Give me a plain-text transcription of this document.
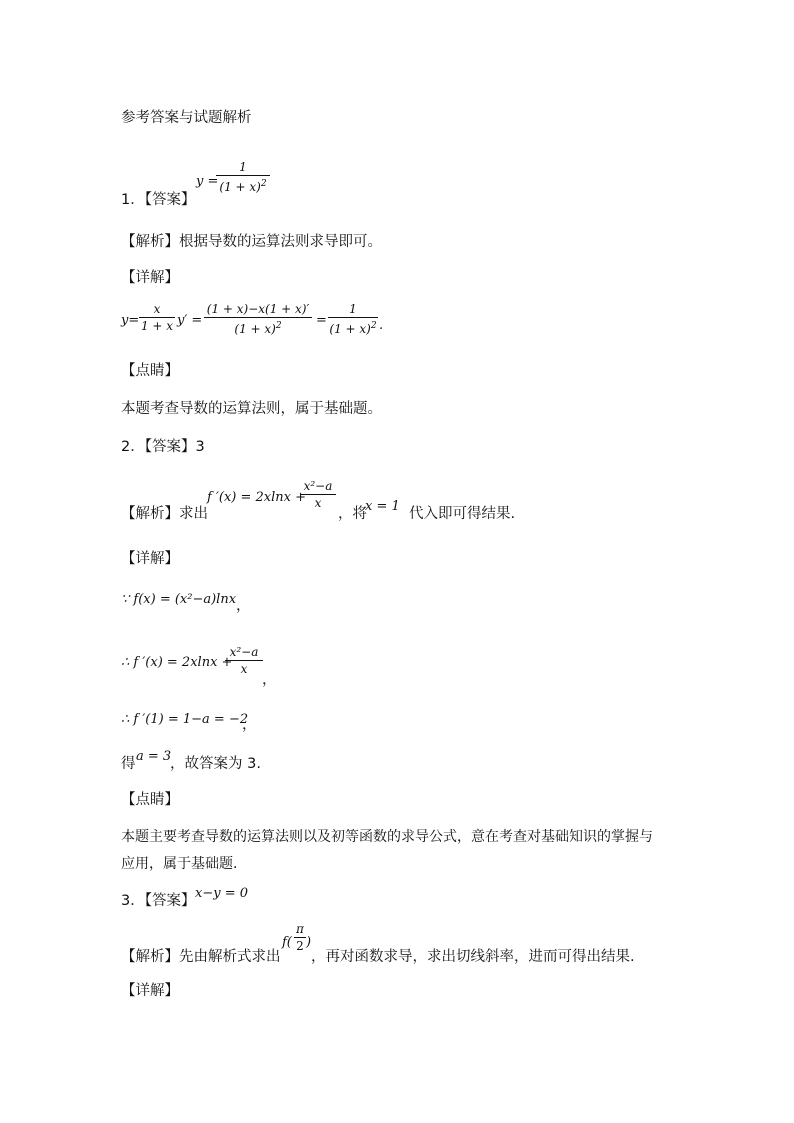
参考答案与试题解析
1．【答案】
y =
1
$(1 + x)^2$
【解析】根据导数的运算法则求导即可。
【详解】
y=
x
1 + x y′ =
(1 + x)−x(1 + x)′
$(1 + x)^2$	=
1
$(1 + x)^2$ .
【点睛】
本题考查导数的运算法则，属于基础题。
2．【答案】3
【解析】求出
f ′(x) = 2xlnx +
x²−a
x
，将
x = 1 代入即可得结果.
【详解】
∵ f(x) = (x²−a)lnx ，
∴ f ′(x) = 2xlnx +
x²−a
x
，
∴ f ′(1) = 1−a = −2
，
得 a = 3
，故答案为 3.
【点睛】
本题主要考查导数的运算法则以及初等函数的求导公式，意在考查对基础知识的掌握与
应用，属于基础题.
3．【答案】 x−y = 0
【解析】先由解析式求出
f(
π
2 )
，再对函数求导，求出切线斜率，进而可得出结果.
【详解】
